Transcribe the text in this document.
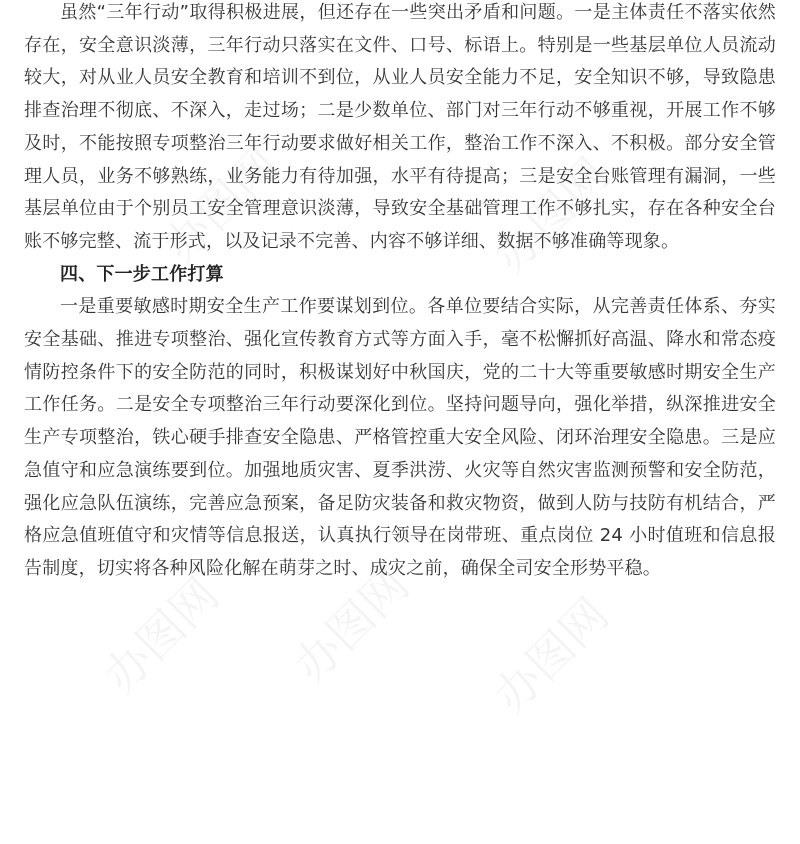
虽然“三年行动”取得积极进展，但还存在一些突出矛盾和问题。一是主体责任不落实依然存在，安全意识淡薄，三年行动只落实在文件、口号、标语上。特别是一些基层单位人员流动较大，对从业人员安全教育和培训不到位，从业人员安全能力不足，安全知识不够，导致隐患排查治理不彻底、不深入，走过场；二是少数单位、部门对三年行动不够重视，开展工作不够及时，不能按照专项整治三年行动要求做好相关工作，整治工作不深入、不积极。部分安全管理人员，业务不够熟练，业务能力有待加强，水平有待提高；三是安全台账管理有漏洞，一些基层单位由于个别员工安全管理意识淡薄，导致安全基础管理工作不够扎实，存在各种安全台账不够完整、流于形式，以及记录不完善、内容不够详细、数据不够准确等现象。

四、下一步工作打算

一是重要敏感时期安全生产工作要谋划到位。各单位要结合实际，从完善责任体系、夯实安全基础、推进专项整治、强化宣传教育方式等方面入手，毫不松懈抓好高温、降水和常态疫情防控条件下的安全防范的同时，积极谋划好中秋国庆，党的二十大等重要敏感时期安全生产工作任务。二是安全专项整治三年行动要深化到位。坚持问题导向，强化举措，纵深推进安全生产专项整治，铁心硬手排查安全隐患、严格管控重大安全风险、闭环治理安全隐患。三是应急值守和应急演练要到位。加强地质灾害、夏季洪涝、火灾等自然灾害监测预警和安全防范，强化应急队伍演练，完善应急预案，备足防灾装备和救灾物资，做到人防与技防有机结合，严格应急值班值守和灾情等信息报送，认真执行领导在岗带班、重点岗位 24 小时值班和信息报告制度，切实将各种风险化解在萌芽之时、成灾之前，确保全司安全形势平稳。
